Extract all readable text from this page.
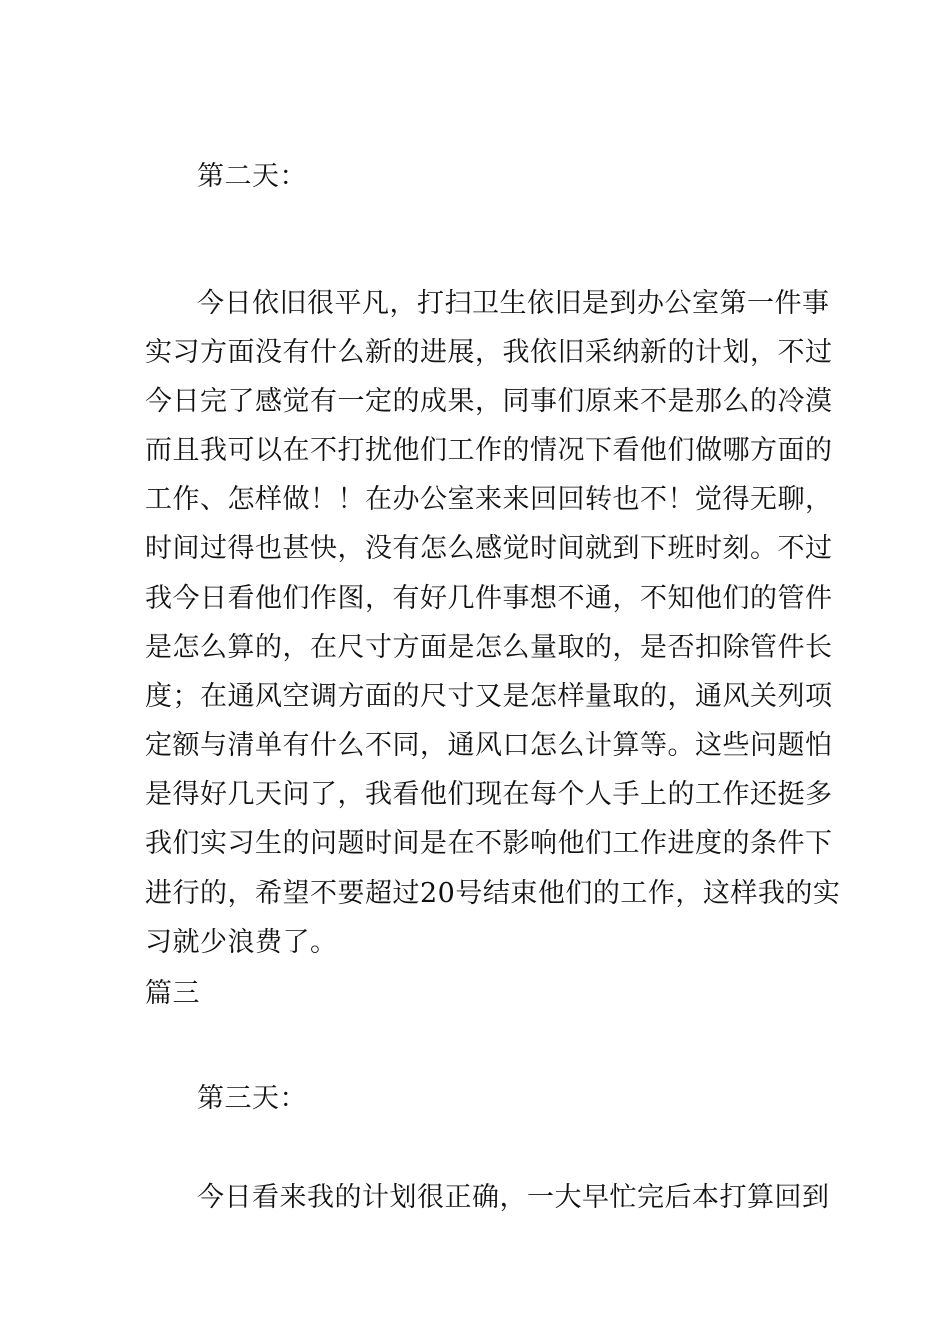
第二天：
今日依旧很平凡，打扫卫生依旧是到办公室第一件事
实习方面没有什么新的进展，我依旧采纳新的计划，不过
今日完了感觉有一定的成果，同事们原来不是那么的冷漠
而且我可以在不打扰他们工作的情况下看他们做哪方面的
工作、怎样做！！在办公室来来回回转也不！觉得无聊，
时间过得也甚快，没有怎么感觉时间就到下班时刻。不过
我今日看他们作图，有好几件事想不通，不知他们的管件
是怎么算的，在尺寸方面是怎么量取的，是否扣除管件长
度；在通风空调方面的尺寸又是怎样量取的，通风关列项
定额与清单有什么不同，通风口怎么计算等。这些问题怕
是得好几天问了，我看他们现在每个人手上的工作还挺多
我们实习生的问题时间是在不影响他们工作进度的条件下
进行的，希望不要超过20号结束他们的工作，这样我的实
习就少浪费了。
篇三
第三天：
今日看来我的计划很正确，一大早忙完后本打算回到
